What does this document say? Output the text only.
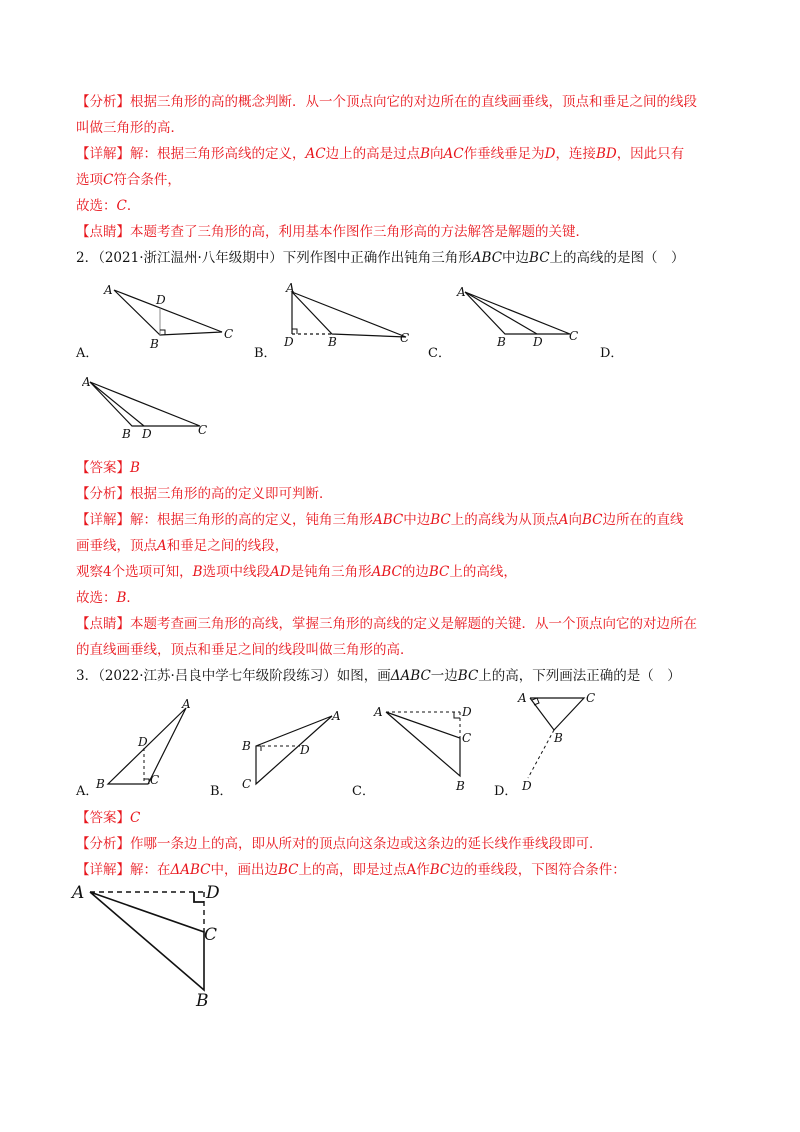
【分析】根据三角形的高的概念判断．从一个顶点向它的对边所在的直线画垂线，顶点和垂足之间的线段
叫做三角形的高．
【详解】解：根据三角形高线的定义，AC边上的高是过点B向AC作垂线垂足为D，连接BD，因此只有
选项C符合条件，
故选：C．
【点睛】本题考查了三角形的高，利用基本作图作三角形高的方法解答是解题的关键．
2．（2021·浙江温州·八年级期中）下列作图中正确作出钝角三角形ABC中边BC上的高线的是图（　）
A
D
B
C
A．
A
D	B	C
B．
A
B D C
C．	D．
A
B D	C
【答案】B
【分析】根据三角形的高的定义即可判断．
【详解】解：根据三角形的高的定义，钝角三角形ABC中边BC上的高线为从顶点A向BC边所在的直线
画垂线，顶点A和垂足之间的线段，
观察4个选项可知，B选项中线段AD是钝角三角形ABC的边BC上的高线，
故选：B．
【点睛】本题考查画三角形的高线，掌握三角形的高线的定义是解题的关键．从一个顶点向它的对边所在
的直线画垂线，顶点和垂足之间的线段叫做三角形的高．
3．（2022·江苏·吕良中学七年级阶段练习）如图，画ΔABC一边BC上的高，下列画法正确的是（　）
A
D
B	C
A．
A
B	D
C
B．
A	D
C
B
C．
A	C
B
D
D．
【答案】C
【分析】作哪一条边上的高，即从所对的顶点向这条边或这条边的延长线作垂线段即可．
【详解】解：在ΔABC中，画出边BC上的高，即是过点A作BC边的垂线段，下图符合条件：
A	D
C
B
